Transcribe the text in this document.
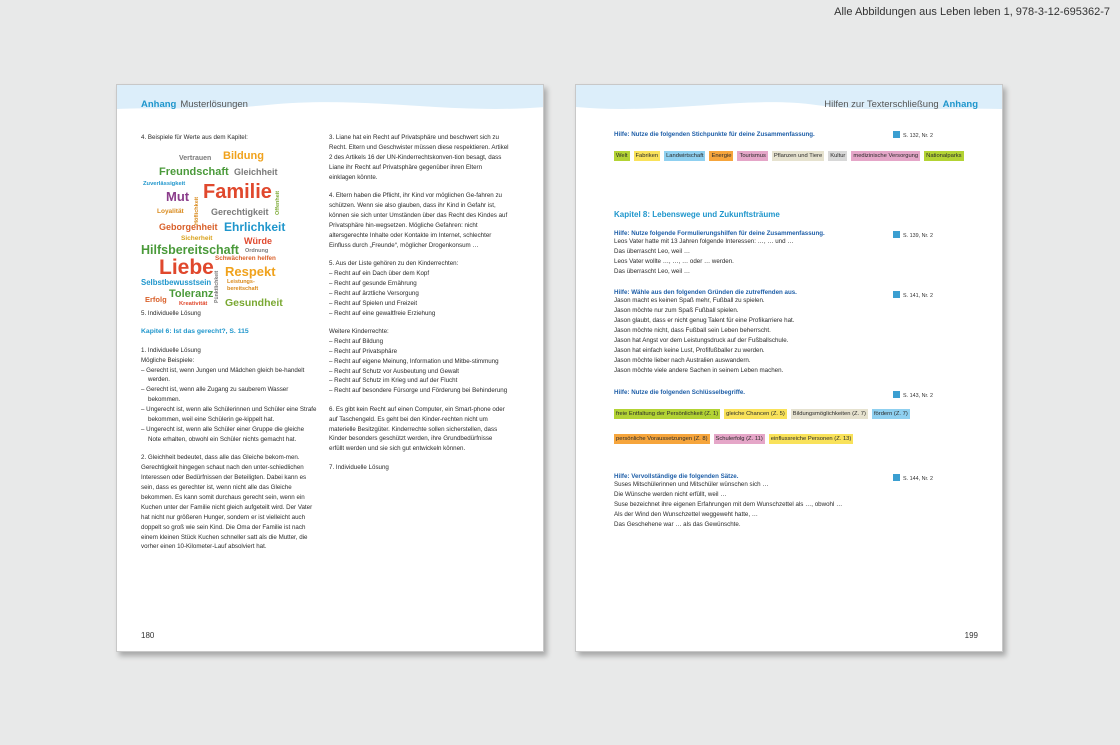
Alle Abbildungen aus Leben leben 1, 978-3-12-695362-7
Anhang Musterlösungen

4. Beispiele für Werte aus dem Kapitel:

Vertrauen Bildung
Freundschaft Gleichheit
Zuverlässigkeit
Mut Familie Offenheit
Höflichkeit
Loyalität	Gerechtigkeit
Geborgenheit Ehrlichkeit
Sicherheit	Würde
Hilfsbereitschaft Ordnung
Liebe Schwächeren helfen
Respekt
Pünktlichkeit
Selbstbewusstsein	Leistungs-
bereitschaft
Toleranz
Erfolg Kreativität Gesundheit

5. Individuelle Lösung

Kapitel 6: Ist das gerecht?, S. 115

1. Individuelle Lösung

Mögliche Beispiele:

– Gerecht ist, wenn Jungen und Mädchen gleich be-handelt werden.

– Gerecht ist, wenn alle Zugang zu sauberem Wasser bekommen.

– Ungerecht ist, wenn alle Schülerinnen und Schüler eine Strafe bekommen, weil eine Schülerin ge-kippelt hat.

– Ungerecht ist, wenn alle Schüler einer Gruppe die gleiche Note erhalten, obwohl ein Schüler nichts gemacht hat.

2. Gleichheit bedeutet, dass alle das Gleiche bekom-men. Gerechtigkeit hingegen schaut nach den unter-schiedlichen Interessen oder Bedürfnissen der Beteiligten. Dabei kann es sein, dass es gerechter ist, wenn nicht alle das Gleiche bekommen. Es kann somit durchaus gerecht sein, wenn ein Kuchen unter der Familie nicht gleich aufgeteilt wird. Der Vater hat nicht nur größeren Hunger, sondern er ist vielleicht auch doppelt so groß wie sein Kind. Die Oma der Familie ist nach einem kleinen Stück Kuchen schneller satt als die Mutter, die vorher einen 10-Kilometer-Lauf absolviert hat.

3. Liane hat ein Recht auf Privatsphäre und beschwert sich zu Recht. Eltern und Geschwister müssen diese respektieren. Artikel 2 des Artikels 16 der UN-Kinderrechtskonven-tion besagt, dass Liane ihr Recht auf Privatsphäre gegenüber ihren Eltern einklagen könnte.

4. Eltern haben die Pflicht, ihr Kind vor möglichen Ge-fahren zu schützen. Wenn sie also glauben, dass ihr Kind in Gefahr ist, können sie sich unter Umständen über das Recht des Kindes auf Privatsphäre hin-wegsetzen. Mögliche Gefahren: nicht altersgerechte Inhalte oder Kontakte im Internet, schlechter Einfluss durch „Freunde“, möglicher Drogenkonsum …

5. Aus der Liste gehören zu den Kinderrechten:

– Recht auf ein Dach über dem Kopf

– Recht auf gesunde Ernährung

– Recht auf ärztliche Versorgung

– Recht auf Spielen und Freizeit

– Recht auf eine gewaltfreie Erziehung

Weitere Kinderrechte:

– Recht auf Bildung

– Recht auf Privatsphäre

– Recht auf eigene Meinung, Information und Mitbe-stimmung

– Recht auf Schutz vor Ausbeutung und Gewalt

– Recht auf Schutz im Krieg und auf der Flucht

– Recht auf besondere Fürsorge und Förderung bei Behinderung

6. Es gibt kein Recht auf einen Computer, ein Smart-phone oder auf Taschengeld. Es geht bei den Kinder-rechten nicht um materielle Besitzgüter. Kinderrechte sollen sicherstellen, dass Kinder besonders geschützt werden, ihre Grundbedürfnisse erfüllt werden und sie sich gut entwickeln können.

7. Individuelle Lösung

180
Hilfen zur Texterschließung Anhang
Hilfe: Nutze die folgenden Stichpunkte für deine Zusammenfassung.
Welt Fabriken Landwirtschaft Energie Tourismus Pflanzen und Tiere Kultur medizinische Versorgung Nationalparks
S. 132, Nr. 2
Kapitel 8: Lebenswege und Zukunftsträume
Hilfe: Nutze folgende Formulierungshilfen für deine Zusammenfassung.
Leos Vater hatte mit 13 Jahren folgende Interessen: …, … und …
Das überrascht Leo, weil …
Leos Vater wollte …, …, … oder … werden.
Das überrascht Leo, weil …
S. 139, Nr. 2
Hilfe: Wähle aus den folgenden Gründen die zutreffenden aus.
Jason macht es keinen Spaß mehr, Fußball zu spielen.
Jason möchte nur zum Spaß Fußball spielen.
Jason glaubt, dass er nicht genug Talent für eine Profikarriere hat.
Jason möchte nicht, dass Fußball sein Leben beherrscht.
Jason hat Angst vor dem Leistungsdruck auf der Fußballschule.
Jason hat einfach keine Lust, Profifußballer zu werden.
Jason möchte lieber nach Australien auswandern.
Jason möchte viele andere Sachen in seinem Leben machen.
S. 141, Nr. 2
Hilfe: Nutze die folgenden Schlüsselbegriffe.
freie Entfaltung der Persönlichkeit (Z. 1) gleiche Chancen (Z. 5) Bildungsmöglichkeiten (Z. 7) fördern (Z. 7)persönliche Voraussetzungen (Z. 8) Schulerfolg (Z. 11) einflussreiche Personen (Z. 13)
S. 143, Nr. 2
Hilfe: Vervollständige die folgenden Sätze.
Suses Mitschülerinnen und Mitschüler wünschen sich …
Die Wünsche werden nicht erfüllt, weil …
Suse bezeichnet ihre eigenen Erfahrungen mit dem Wunschzettel als …, obwohl …
Als der Wind den Wunschzettel weggeweht hatte, …
Das Geschehene war … als das Gewünschte.
S. 144, Nr. 2
199
